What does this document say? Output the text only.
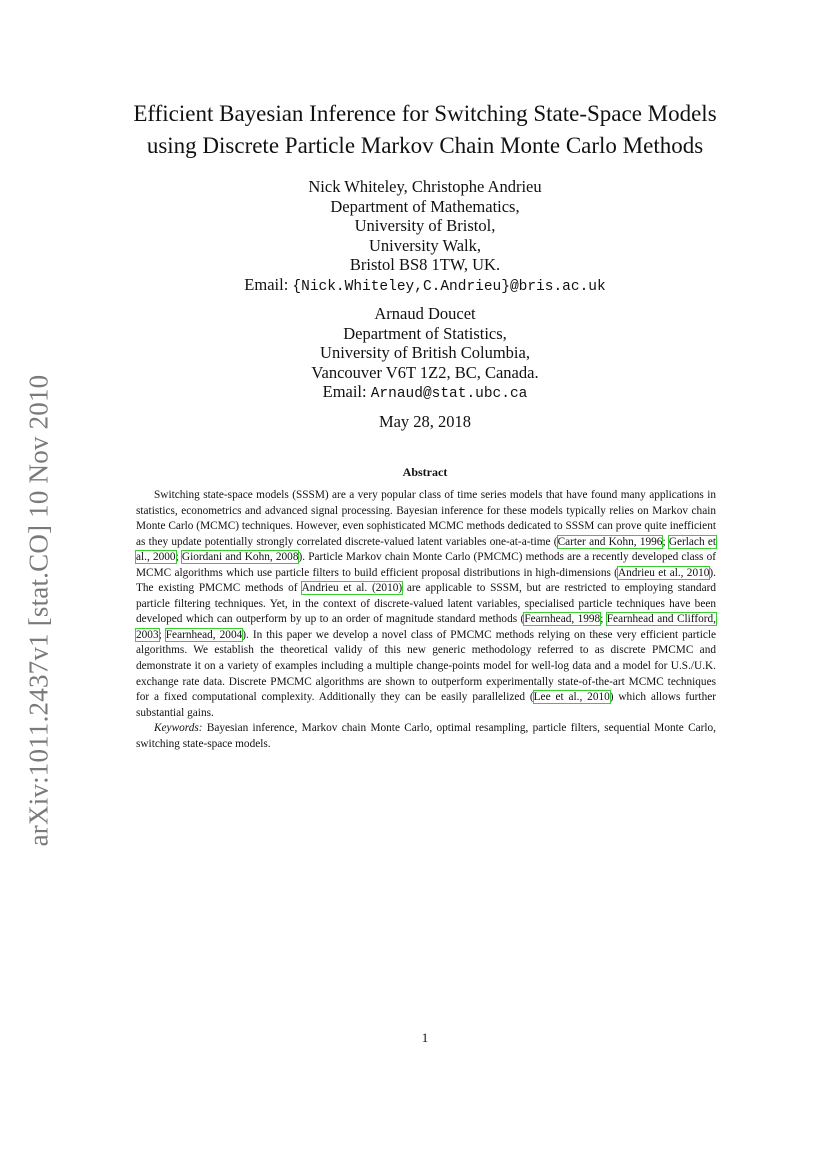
arXiv:1011.2437v1 [stat.CO] 10 Nov 2010
Efficient Bayesian Inference for Switching State-Space Models
using Discrete Particle Markov Chain Monte Carlo Methods
Nick Whiteley, Christophe Andrieu
Department of Mathematics,
University of Bristol,
University Walk,
Bristol BS8 1TW, UK.
Email: {Nick.Whiteley,C.Andrieu}@bris.ac.uk
Arnaud Doucet
Department of Statistics,
University of British Columbia,
Vancouver V6T 1Z2, BC, Canada.
Email: Arnaud@stat.ubc.ca
May 28, 2018
Abstract

Switching state-space models (SSSM) are a very popular class of time series models that have found many applications in statistics, econometrics and advanced signal processing. Bayesian inference for these models typically relies on Markov chain Monte Carlo (MCMC) techniques. However, even sophisticated MCMC methods dedicated to SSSM can prove quite inefficient as they update potentially strongly correlated discrete-valued latent variables one-at-a-time (Carter and Kohn, 1996; Gerlach et al., 2000; Giordani and Kohn, 2008). Particle Markov chain Monte Carlo (PMCMC) methods are a recently developed class of MCMC algorithms which use particle filters to build efficient proposal distributions in high-dimensions (Andrieu et al., 2010). The existing PMCMC methods of Andrieu et al. (2010) are applicable to SSSM, but are restricted to employing standard particle filtering techniques. Yet, in the context of discrete-valued latent variables, specialised particle techniques have been developed which can outperform by up to an order of magnitude standard methods (Fearnhead, 1998; Fearnhead and Clifford, 2003; Fearnhead, 2004). In this paper we develop a novel class of PMCMC methods relying on these very efficient particle algorithms. We establish the theoretical validy of this new generic methodology referred to as discrete PMCMC and demonstrate it on a variety of examples including a multiple change-points model for well-log data and a model for U.S./U.K. exchange rate data. Discrete PMCMC algorithms are shown to outperform experimentally state-of-the-art MCMC techniques for a fixed computational complexity. Additionally they can be easily parallelized (Lee et al., 2010) which allows further substantial gains.

Keywords: Bayesian inference, Markov chain Monte Carlo, optimal resampling, particle filters, sequential Monte Carlo, switching state-space models.

1
